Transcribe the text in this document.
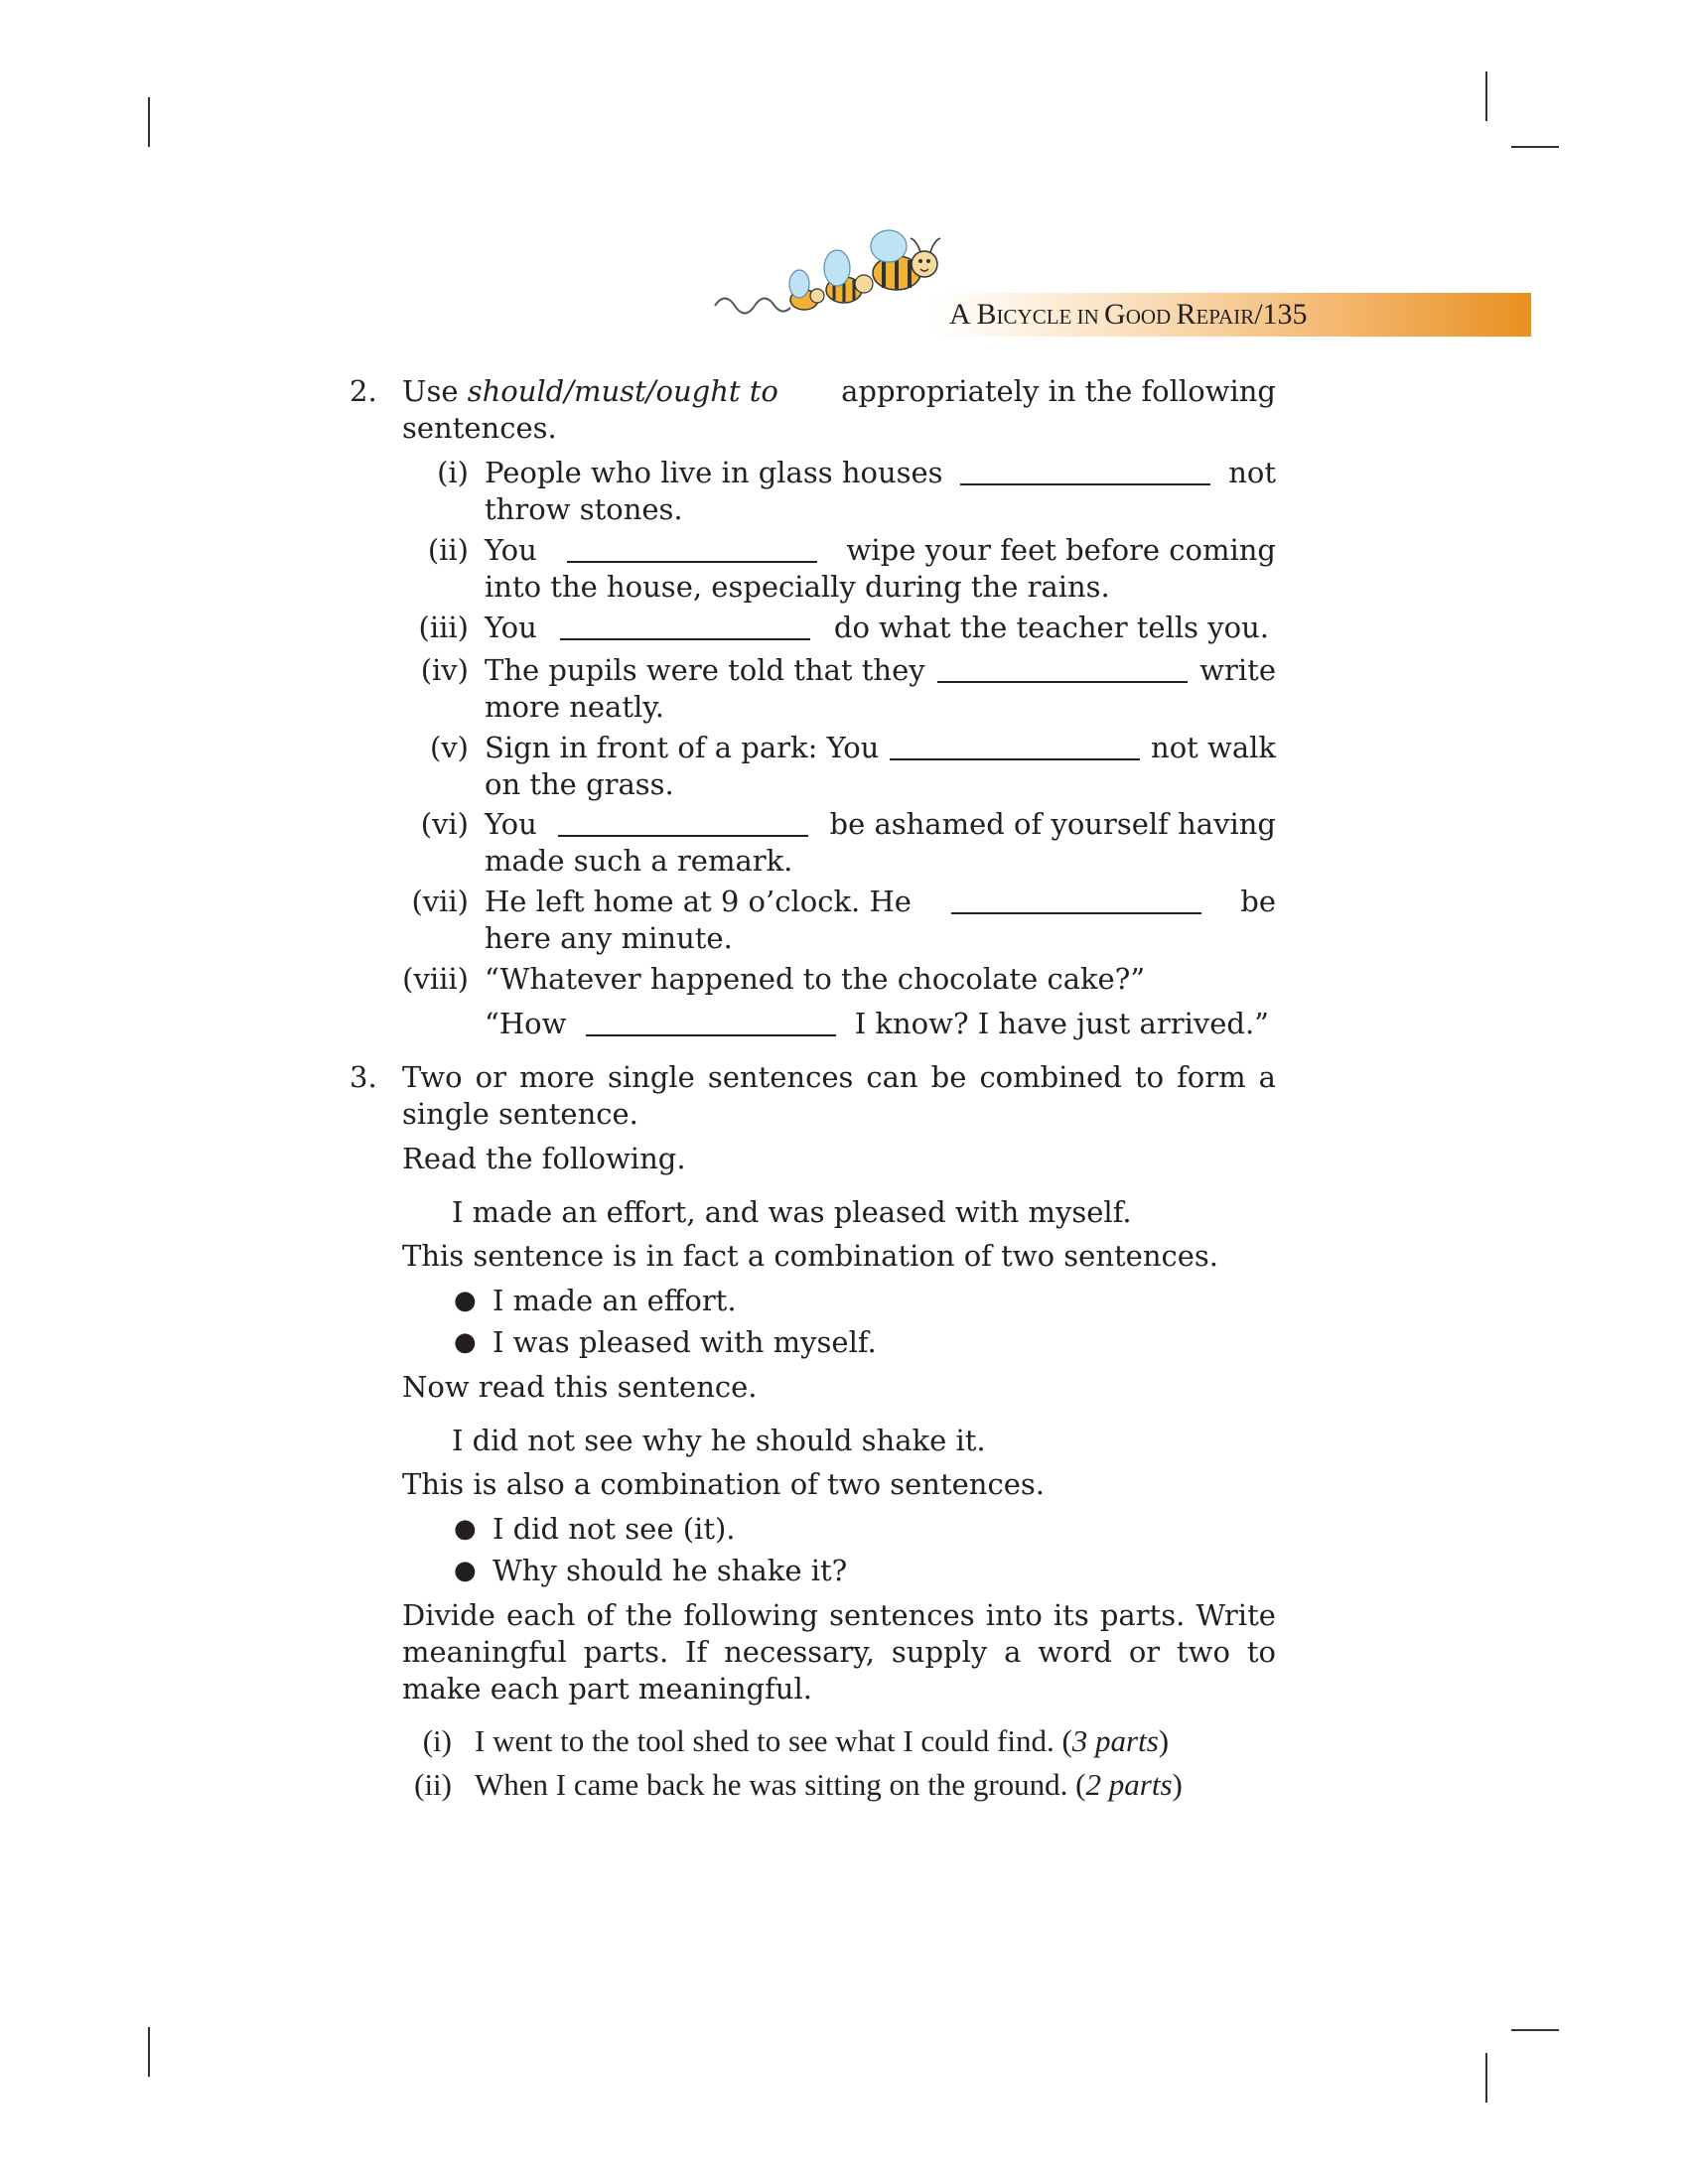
A BICYCLE IN GOOD REPAIR/135
2. Use should/must/ought to appropriately in the following
sentences.
(i) People who live in glass houses	not
throw stones.
(ii) You	wipe your feet before coming
into the house, especially during the rains.
(iii) You	do what the teacher tells you.
(iv) The pupils were told that they	write
more neatly.
(v) Sign in front of a park: You	not walk
on the grass.
(vi) You	be ashamed of yourself having
made such a remark.
(vii) He left home at 9 o’clock. He	be
here any minute.
(viii) “Whatever happened to the chocolate cake?”
“How	I know? I have just arrived.”
3. Two or more single sentences can be combined to form a
single sentence.
Read the following.
I made an effort, and was pleased with myself.
This sentence is in fact a combination of two sentences.
● I made an effort.
● I was pleased with myself.
Now read this sentence.
I did not see why he should shake it.
This is also a combination of two sentences.
● I did not see (it).
● Why should he shake it?
Divide each of the following sentences into its parts. Write
meaningful parts. If necessary, supply a word or two to
make each part meaningful.
(i) I went to the tool shed to see what I could find. (3 parts)
(ii) When I came back he was sitting on the ground. (2 parts)
